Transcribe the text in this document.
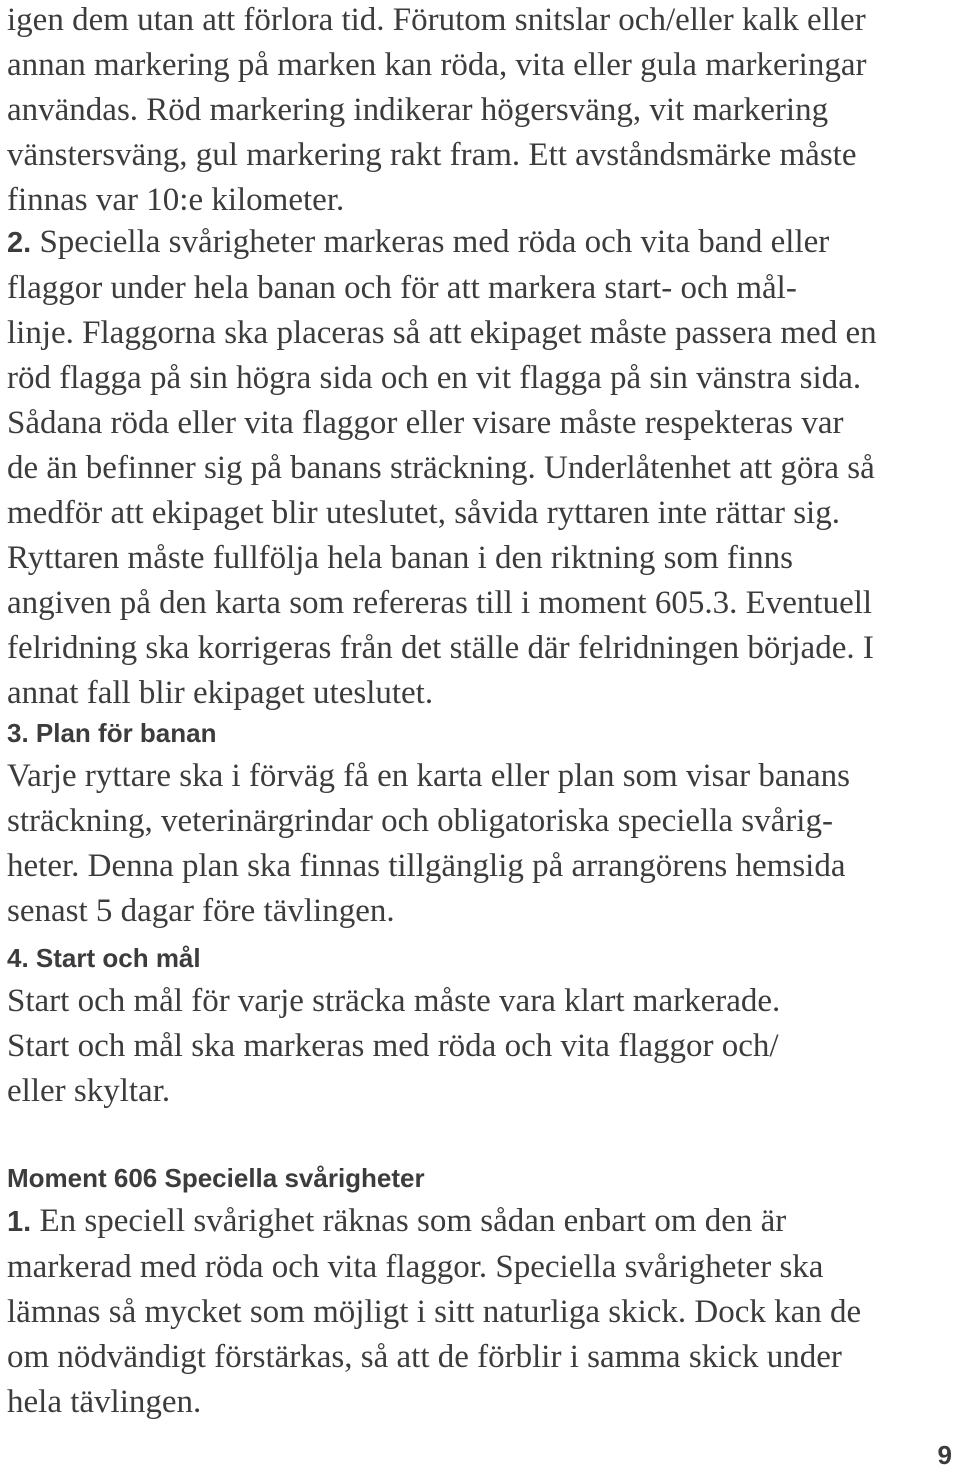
igen dem utan att förlora tid. Förutom snitslar och/eller kalk eller
annan markering på marken kan röda, vita eller gula markeringar
användas. Röd markering indikerar högersväng, vit markering
vänstersväng, gul markering rakt fram. Ett avståndsmärke måste
finnas var 10:e kilometer.
2. Speciella svårigheter markeras med röda och vita band eller
flaggor under hela banan och för att markera start- och mål-
linje. Flaggorna ska placeras så att ekipaget måste passera med en
röd flagga på sin högra sida och en vit flagga på sin vänstra sida.
Sådana röda eller vita flaggor eller visare måste respekteras var
de än befinner sig på banans sträckning. Underlåtenhet att göra så
medför att ekipaget blir uteslutet, såvida ryttaren inte rättar sig.
Ryttaren måste fullfölja hela banan i den riktning som finns
angiven på den karta som refereras till i moment 605.3. Eventuell
felridning ska korrigeras från det ställe där felridningen började. I
annat fall blir ekipaget uteslutet.
3. Plan för banan
Varje ryttare ska i förväg få en karta eller plan som visar banans
sträckning, veterinärgrindar och obligatoriska speciella svårig-
heter. Denna plan ska finnas tillgänglig på arrangörens hemsida
senast 5 dagar före tävlingen.
4. Start och mål
Start och mål för varje sträcka måste vara klart markerade.
Start och mål ska markeras med röda och vita flaggor och/
eller skyltar.
Moment 606 Speciella svårigheter
1. En speciell svårighet räknas som sådan enbart om den är
markerad med röda och vita flaggor. Speciella svårigheter ska
lämnas så mycket som möjligt i sitt naturliga skick. Dock kan de
om nödvändigt förstärkas, så att de förblir i samma skick under
hela tävlingen.
9
